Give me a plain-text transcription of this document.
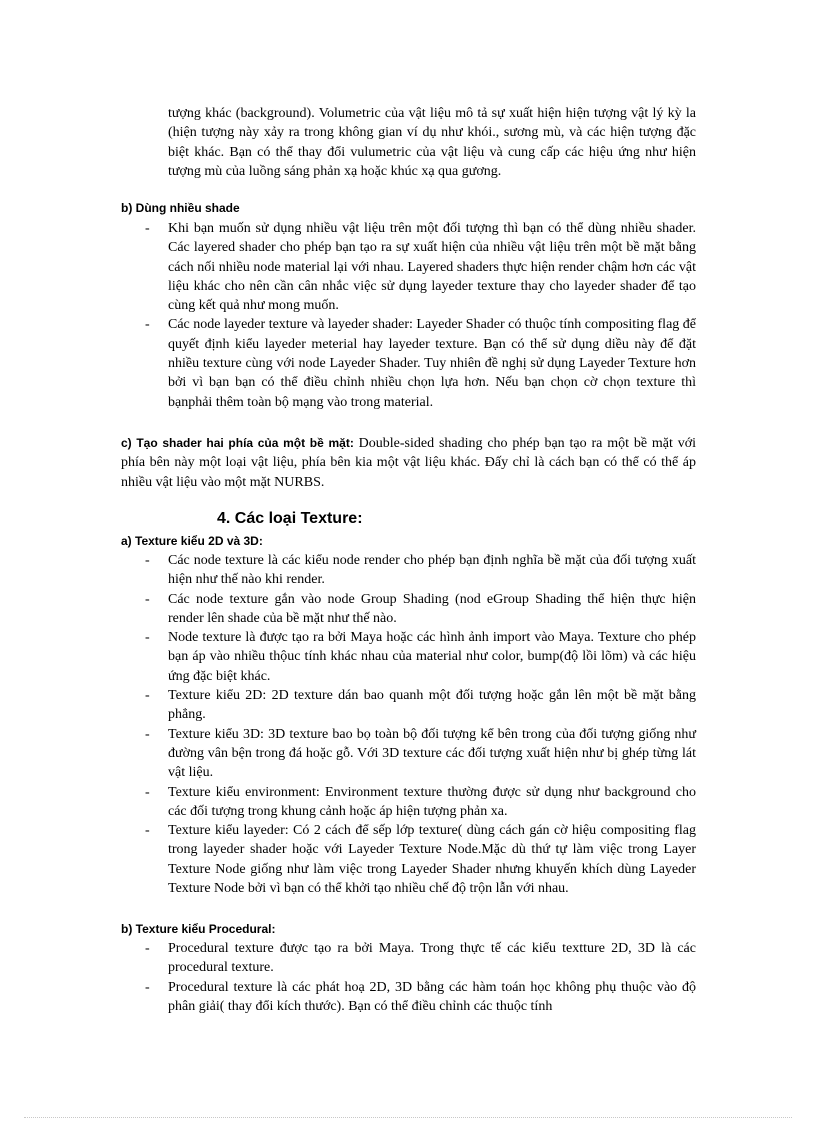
tượng khác (background). Volumetric của vật liệu mô tả sự xuất hiện hiện tượng vật lý kỳ la (hiện tượng này xảy ra trong không gian ví dụ như khói., sương mù, và các hiện tượng đặc biệt khác. Bạn có thể thay đổi vulumetric của vật liệu và cung cấp các hiệu ứng như hiện tượng mù của luồng sáng phản xạ hoặc khúc xạ qua gương.

b) Dùng nhiều shade
- Khi bạn muốn sử dụng nhiều vật liệu trên một đối tượng thì bạn có thể dùng nhiều shader. Các layered shader cho phép bạn tạo ra sự xuất hiện của nhiều vật liệu trên một bề mặt bằng cách nối nhiều node material lại với nhau. Layered shaders thực hiện render chậm hơn các vật liệu khác cho nên cần cân nhắc việc sử dụng layeder texture thay cho layeder shader để tạo cùng kết quả như mong muốn.

- Các node layeder texture và layeder shader: Layeder Shader có thuộc tính compositing flag để quyết định kiểu layeder meterial hay layeder texture. Bạn có thể sử dụng diều này để đặt nhiều texture cùng với node Layeder Shader. Tuy nhiên đề nghị sử dụng Layeder Texture hơn bởi vì bạn bạn có thể điều chỉnh nhiều chọn lựa hơn. Nếu bạn chọn cờ chọn texture thì bạnphải thêm toàn bộ mạng vào trong material.

c) Tạo shader hai phía của một bề mặt: Double-sided shading cho phép bạn tạo ra một bề mặt với phía bên này một loại vật liệu, phía bên kia một vật liệu khác. Đấy chỉ là cách bạn có thể có thể áp nhiều vật liệu vào một mặt NURBS.

4. Các loại Texture:
a) Texture kiểu 2D và 3D:
- Các node texture là các kiểu node render cho phép bạn định nghĩa bề mặt của đối tượng xuất hiện như thế nào khi render.

- Các node texture gắn vào node Group Shading (nod eGroup Shading thể hiện thực hiện render lên shade của bề mặt như thế nào.

- Node texture là được tạo ra bởi Maya hoặc các hình ảnh import vào Maya. Texture cho phép bạn áp vào nhiều thộuc tính khác nhau của material như color, bump(độ lồi lõm) và các hiệu ứng đặc biệt khác.

- Texture kiểu 2D: 2D texture dán bao quanh một đối tượng hoặc gắn lên một bề mặt bằng phẳng.

- Texture kiểu 3D: 3D texture bao bọ toàn bộ đối tượng kể bên trong của đối tượng giống như đường vân bện trong đá hoặc gỗ. Với 3D texture các đối tượng xuất hiện như bị ghép từng lát vật liệu.

- Texture kiểu environment: Environment texture thường được sử dụng như background cho các đối tượng trong khung cảnh hoặc áp hiện tượng phản xa.

- Texture kiểu layeder: Có 2 cách để sếp lớp texture( dùng cách gán cờ hiệu compositing flag trong layeder shader hoặc với Layeder Texture Node.Mặc dù thứ tự làm việc trong Layer Texture Node giống như làm việc trong Layeder Shader nhưng khuyến khích dùng Layeder Texture Node bởi vì bạn có thể khởi tạo nhiều chế độ trộn lẫn với nhau.

b) Texture kiểu Procedural:
- Procedural texture được tạo ra bởi Maya. Trong thực tế các kiểu textture 2D, 3D là các procedural texture.

- Procedural texture là các phát hoạ 2D, 3D bằng các hàm toán học không phụ thuộc vào độ phân giải( thay đổi kích thước). Bạn có thể điều chỉnh các thuộc tính
